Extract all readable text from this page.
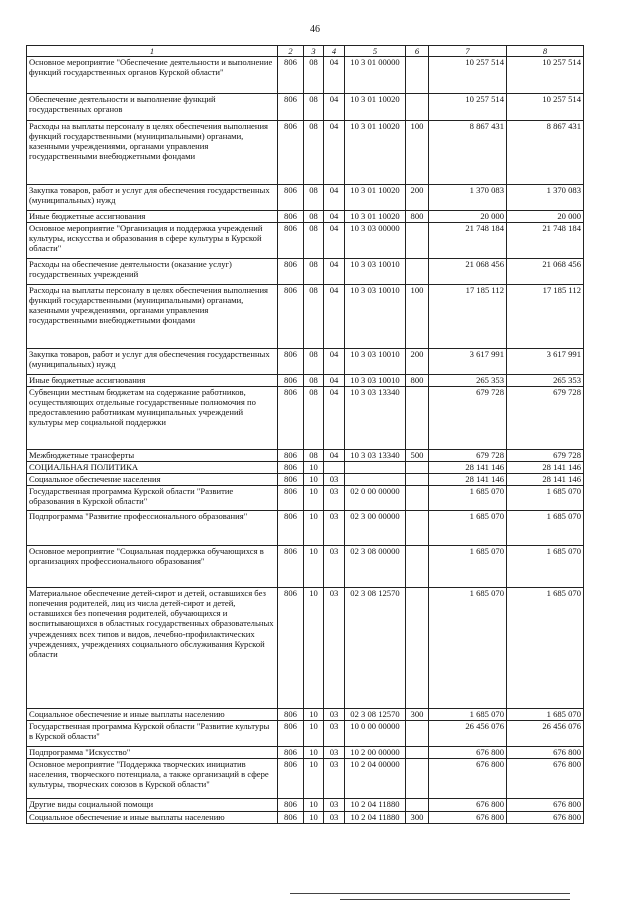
46
1	2	3	4	5	6	7	8
Основное мероприятие "Обеспечение деятельности и выполнение функций государственных органов Курской области"	806	08	04	10 3 01 00000		10 257 514	10 257 514
Обеспечение деятельности и выполнение функций государственных органов	806	08	04	10 3 01 10020		10 257 514	10 257 514
Расходы на выплаты персоналу в целях обеспечения выполнения функций государственными (муниципальными) органами, казенными учреждениями, органами управления государственными внебюджетными фондами	806	08	04	10 3 01 10020	100	8 867 431	8 867 431
Закупка товаров, работ и услуг для обеспечения государственных (муниципальных) нужд	806	08	04	10 3 01 10020	200	1 370 083	1 370 083
Иные бюджетные ассигнования	806	08	04	10 3 01 10020	800	20 000	20 000
Основное мероприятие "Организация и поддержка учреждений культуры, искусства и образования в сфере культуры в Курской области"	806	08	04	10 3 03 00000		21 748 184	21 748 184
Расходы на обеспечение деятельности (оказание услуг) государственных учреждений	806	08	04	10 3 03 10010		21 068 456	21 068 456
Расходы на выплаты персоналу в целях обеспечения выполнения функций государственными (муниципальными) органами, казенными учреждениями, органами управления государственными внебюджетными фондами	806	08	04	10 3 03 10010	100	17 185 112	17 185 112
Закупка товаров, работ и услуг для обеспечения государственных (муниципальных) нужд	806	08	04	10 3 03 10010	200	3 617 991	3 617 991
Иные бюджетные ассигнования	806	08	04	10 3 03 10010	800	265 353	265 353
Субвенции местным бюджетам на содержание работников, осуществляющих отдельные государственные полномочия по предоставлению работникам муниципальных учреждений культуры мер социальной поддержки	806	08	04	10 3 03 13340		679 728	679 728
Межбюджетные трансферты	806	08	04	10 3 03 13340	500	679 728	679 728
СОЦИАЛЬНАЯ ПОЛИТИКА	806	10				28 141 146	28 141 146
Социальное обеспечение населения	806	10	03			28 141 146	28 141 146
Государственная программа Курской области "Развитие образования в Курской области"	806	10	03	02 0 00 00000		1 685 070	1 685 070
Подпрограмма "Развитие профессионального образования"	806	10	03	02 3 00 00000		1 685 070	1 685 070
Основное мероприятие "Социальная поддержка обучающихся в организациях профессионального образования"	806	10	03	02 3 08 00000		1 685 070	1 685 070
Материальное обеспечение детей-сирот и детей, оставшихся без попечения родителей, лиц из числа детей-сирот и детей, оставшихся без попечения родителей, обучающихся и воспитывающихся в областных государственных образовательных учреждениях всех типов и видов, лечебно-профилактических учреждениях, учреждениях социального обслуживания Курской области	806	10	03	02 3 08 12570		1 685 070	1 685 070
Социальное обеспечение и иные выплаты населению	806	10	03	02 3 08 12570	300	1 685 070	1 685 070
Государственная программа Курской области "Развитие культуры в Курской области"	806	10	03	10 0 00 00000		26 456 076	26 456 076
Подпрограмма "Искусство"	806	10	03	10 2 00 00000		676 800	676 800
Основное мероприятие "Поддержка творческих инициатив населения, творческого потенциала, а также организаций в сфере культуры, творческих союзов в Курской области"	806	10	03	10 2 04 00000		676 800	676 800
Другие виды социальной помощи	806	10	03	10 2 04 11880		676 800	676 800
Социальное обеспечение и иные выплаты населению	806	10	03	10 2 04 11880	300	676 800	676 800
